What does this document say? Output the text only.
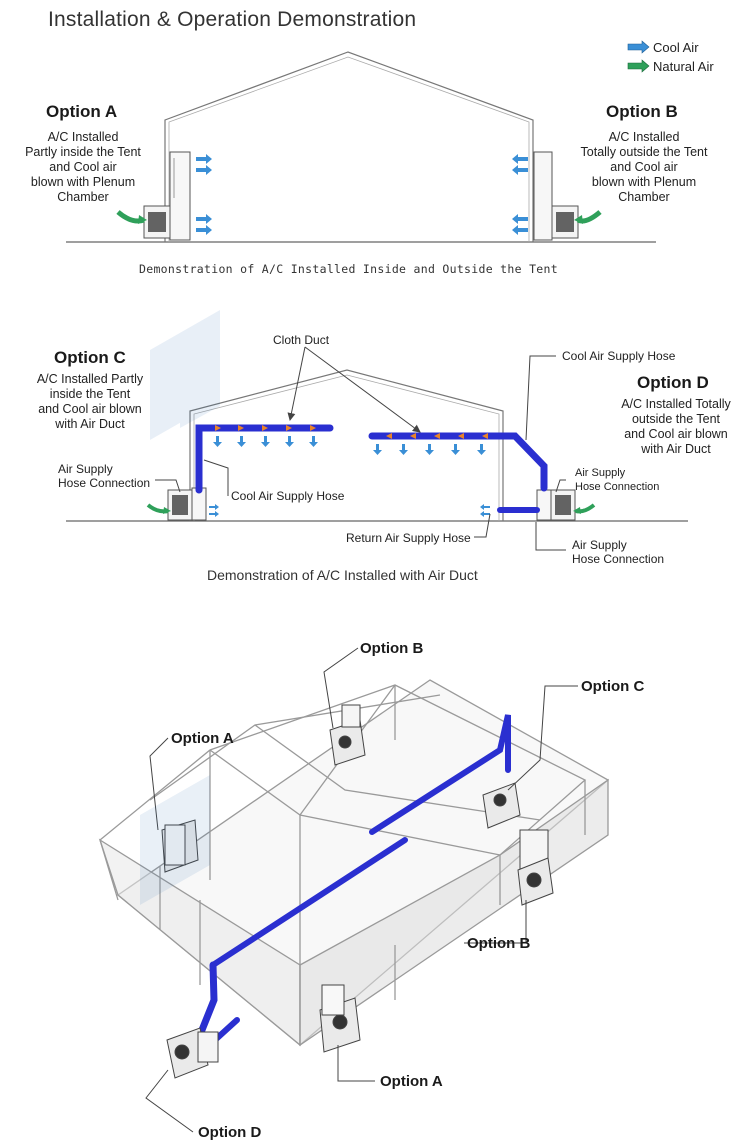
Installation & Operation Demonstration
Cool Air
Natural Air
Option A
A/C Installed
Partly inside the Tent
and Cool air
blown with Plenum
Chamber
Option B
A/C Installed
Totally outside the Tent
and Cool air
blown with Plenum
Chamber
Demonstration of A/C Installed Inside and Outside the Tent
Option C
A/C Installed Partly
inside the Tent
and Cool air blown
with Air Duct
Option D
A/C Installed Totally
outside the Tent
and Cool air blown
with Air Duct
Cloth Duct
Cool Air Supply Hose
Air Supply
Hose Connection
Cool Air Supply Hose
Air Supply
Hose Connection
Return Air Supply Hose	Air Supply
Hose Connection
Demonstration of A/C Installed with Air Duct
Option B
Option A
Option C
Option B
Option A
Option D
